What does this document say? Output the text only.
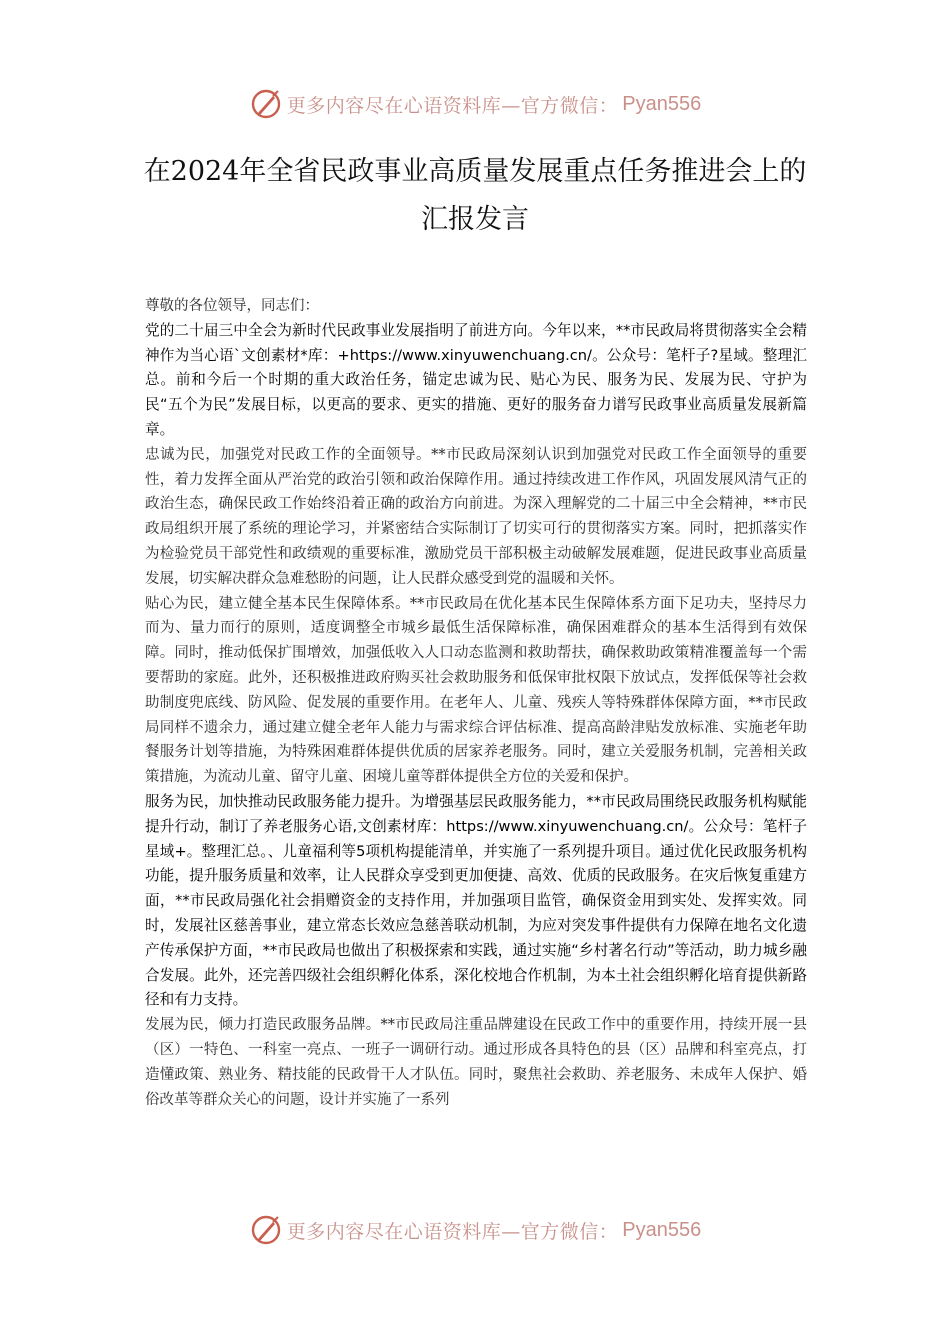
更多内容尽在心语资料库—官方微信： Pyan556
在2024年全省民政事业高质量发展重点任务推进会上的汇报发言

尊敬的各位领导，同志们：

党的二十届三中全会为新时代民政事业发展指明了前进方向。今年以来，**市民政局将贯彻落实全会精神作为当心语`文创素材*库：+https://www.xinyuwenchuang.cn/。公众号：笔杆子?星域。整理汇总。前和今后一个时期的重大政治任务，锚定忠诚为民、贴心为民、服务为民、发展为民、守护为民“五个为民”发展目标，以更高的要求、更实的措施、更好的服务奋力谱写民政事业高质量发展新篇章。

忠诚为民，加强党对民政工作的全面领导。**市民政局深刻认识到加强党对民政工作全面领导的重要性，着力发挥全面从严治党的政治引领和政治保障作用。通过持续改进工作作风，巩固发展风清气正的政治生态，确保民政工作始终沿着正确的政治方向前进。为深入理解党的二十届三中全会精神，**市民政局组织开展了系统的理论学习，并紧密结合实际制订了切实可行的贯彻落实方案。同时，把抓落实作为检验党员干部党性和政绩观的重要标准，激励党员干部积极主动破解发展难题，促进民政事业高质量发展，切实解决群众急难愁盼的问题，让人民群众感受到党的温暖和关怀。

贴心为民，建立健全基本民生保障体系。**市民政局在优化基本民生保障体系方面下足功夫，坚持尽力而为、量力而行的原则，适度调整全市城乡最低生活保障标准，确保困难群众的基本生活得到有效保障。同时，推动低保扩围增效，加强低收入人口动态监测和救助帮扶，确保救助政策精准覆盖每一个需要帮助的家庭。此外，还积极推进政府购买社会救助服务和低保审批权限下放试点，发挥低保等社会救助制度兜底线、防风险、促发展的重要作用。在老年人、儿童、残疾人等特殊群体保障方面，**市民政局同样不遗余力，通过建立健全老年人能力与需求综合评估标准、提高高龄津贴发放标准、实施老年助餐服务计划等措施，为特殊困难群体提供优质的居家养老服务。同时，建立关爱服务机制，完善相关政策措施，为流动儿童、留守儿童、困境儿童等群体提供全方位的关爱和保护。

服务为民，加快推动民政服务能力提升。为增强基层民政服务能力，**市民政局围绕民政服务机构赋能提升行动，制订了养老服务心语,文创素材库：https://www.xinyuwenchuang.cn/。公众号：笔杆子星域+。整理汇总。、儿童福利等5项机构提能清单，并实施了一系列提升项目。通过优化民政服务机构功能，提升服务质量和效率，让人民群众享受到更加便捷、高效、优质的民政服务。在灾后恢复重建方面，**市民政局强化社会捐赠资金的支持作用，并加强项目监管，确保资金用到实处、发挥实效。同时，发展社区慈善事业，建立常态长效应急慈善联动机制，为应对突发事件提供有力保障在地名文化遗产传承保护方面，**市民政局也做出了积极探索和实践，通过实施“乡村著名行动”等活动，助力城乡融合发展。此外，还完善四级社会组织孵化体系，深化校地合作机制，为本土社会组织孵化培育提供新路径和有力支持。

发展为民，倾力打造民政服务品牌。**市民政局注重品牌建设在民政工作中的重要作用，持续开展一县（区）一特色、一科室一亮点、一班子一调研行动。通过形成各具特色的县（区）品牌和科室亮点，打造懂政策、熟业务、精技能的民政骨干人才队伍。同时，聚焦社会救助、养老服务、未成年人保护、婚俗改革等群众关心的问题，设计并实施了一系列

更多内容尽在心语资料库—官方微信： Pyan556
